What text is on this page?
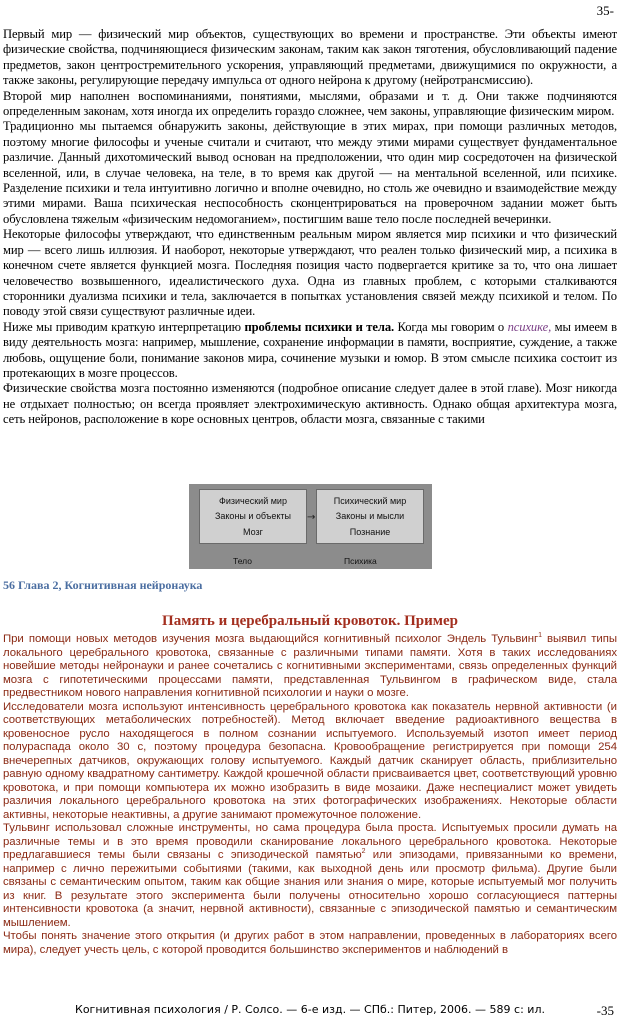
35-

Первый мир — физический мир объектов, существующих во времени и пространстве. Эти объекты имеют физические свойства, подчиняющиеся физическим законам, таким как закон тяготения, обусловливающий падение предметов, закон центростремительного ускорения, управляющий предметами, движущимися по окружности, а также законы, регулирующие передачу импульса от одного нейрона к другому (нейротрансмиссию).

Второй мир наполнен воспоминаниями, понятиями, мыслями, образами и т. д. Они также подчиняются определенным законам, хотя иногда их определить гораздо сложнее, чем законы, управляющие физическим миром.

Традиционно мы пытаемся обнаружить законы, действующие в этих мирах, при помощи различных методов, поэтому многие философы и ученые считали и считают, что между этими мирами существует фундаментальное различие. Данный дихотомический вывод основан на предположении, что один мир сосредоточен на физической вселенной, или, в случае человека, на теле, в то время как другой — на ментальной вселенной, или психике. Разделение психики и тела интуитивно логично и вполне очевидно, но столь же очевидно и взаимодействие между этими мирами. Ваша психическая неспособность сконцентрироваться на проверочном задании может быть обусловлена тяжелым «физическим недомоганием», постигшим ваше тело после последней вечеринки.

Некоторые философы утверждают, что единственным реальным миром является мир психики и что физический мир — всего лишь иллюзия. И наоборот, некоторые утверждают, что реален только физический мир, а психика в конечном счете является функцией мозга. Последняя позиция часто подвергается критике за то, что она лишает человечество возвышенного, идеалистического духа. Одна из главных проблем, с которыми сталкиваются сторонники дуализма психики и тела, заключается в попытках установления связей между психикой и телом. По поводу этой связи существуют различные идеи.

Ниже мы приводим краткую интерпретацию проблемы психики и тела. Когда мы говорим о психике, мы имеем в виду деятельность мозга: например, мышление, сохранение информации в памяти, восприятие, суждение, а также любовь, ощущение боли, понимание законов мира, сочинение музыки и юмор. В этом смысле психика состоит из протекающих в мозге процессов.

Физические свойства мозга постоянно изменяются (подробное описание следует далее в этой главе). Мозг никогда не отдыхает полностью; он всегда проявляет электрохимическую активность. Однако общая архитектура мозга, сеть нейронов, расположение в коре основных центров, области мозга, связанные с такими

Физический мир
Законы и объекты
Мозг
→
Психический мир
Законы и мысли
Познание
Тело	Психика
56 Глава 2, Когнитивная нейронаука
Память и церебральный кровоток. Пример

При помощи новых методов изучения мозга выдающийся когнитивный психолог Эндель Тульвинг$^1$ выявил типы локального церебрального кровотока, связанные с различными типами памяти. Хотя в таких исследованиях новейшие методы нейронауки и ранее сочетались с когнитивными экспериментами, связь определенных функций мозга с гипотетическими процессами памяти, представленная Тульвингом в графическом виде, стала предвестником нового направления когнитивной психологии и науки о мозге.

Исследователи мозга используют интенсивность церебрального кровотока как показатель нервной активности (и соответствующих метаболических потребностей). Метод включает введение радиоактивного вещества в кровеносное русло находящегося в полном сознании испытуемого. Используемый изотоп имеет период полураспада около 30 с, поэтому процедура безопасна. Кровообращение регистрируется при помощи 254 внечерепных датчиков, окружающих голову испытуемого. Каждый датчик сканирует область, приблизительно равную одному квадратному сантиметру. Каждой крошечной области присваивается цвет, соответствующий уровню кровотока, и при помощи компьютера их можно изобразить в виде мозаики. Даже неспециалист может увидеть различия локального церебрального кровотока на этих фотографических изображениях. Некоторые области активны, некоторые неактивны, а другие занимают промежуточное положение.

Тульвинг использовал сложные инструменты, но сама процедура была проста. Испытуемых просили думать на различные темы и в это время проводили сканирование локального церебрального кровотока. Некоторые предлагавшиеся темы были связаны с эпизодической памятью$^2$ или эпизодами, привязанными ко времени, например с лично пережитыми событиями (такими, как выходной день или просмотр фильма). Другие были связаны с семантическим опытом, таким как общие знания или знания о мире, которые испытуемый мог получить из книг. В результате этого эксперимента были получены относительно хорошо согласующиеся паттерны интенсивности кровотока (а значит, нервной активности), связанные с эпизодической памятью и семантическим мышлением.

Чтобы понять значение этого открытия (и других работ в этом направлении, проведенных в лабораториях всего мира), следует учесть цель, с которой проводится большинство экспериментов и наблюдений в

Когнитивная психология / Р. Солсо. — 6-е изд. — СПб.: Питер, 2006. — 589 с: ил.	-35
